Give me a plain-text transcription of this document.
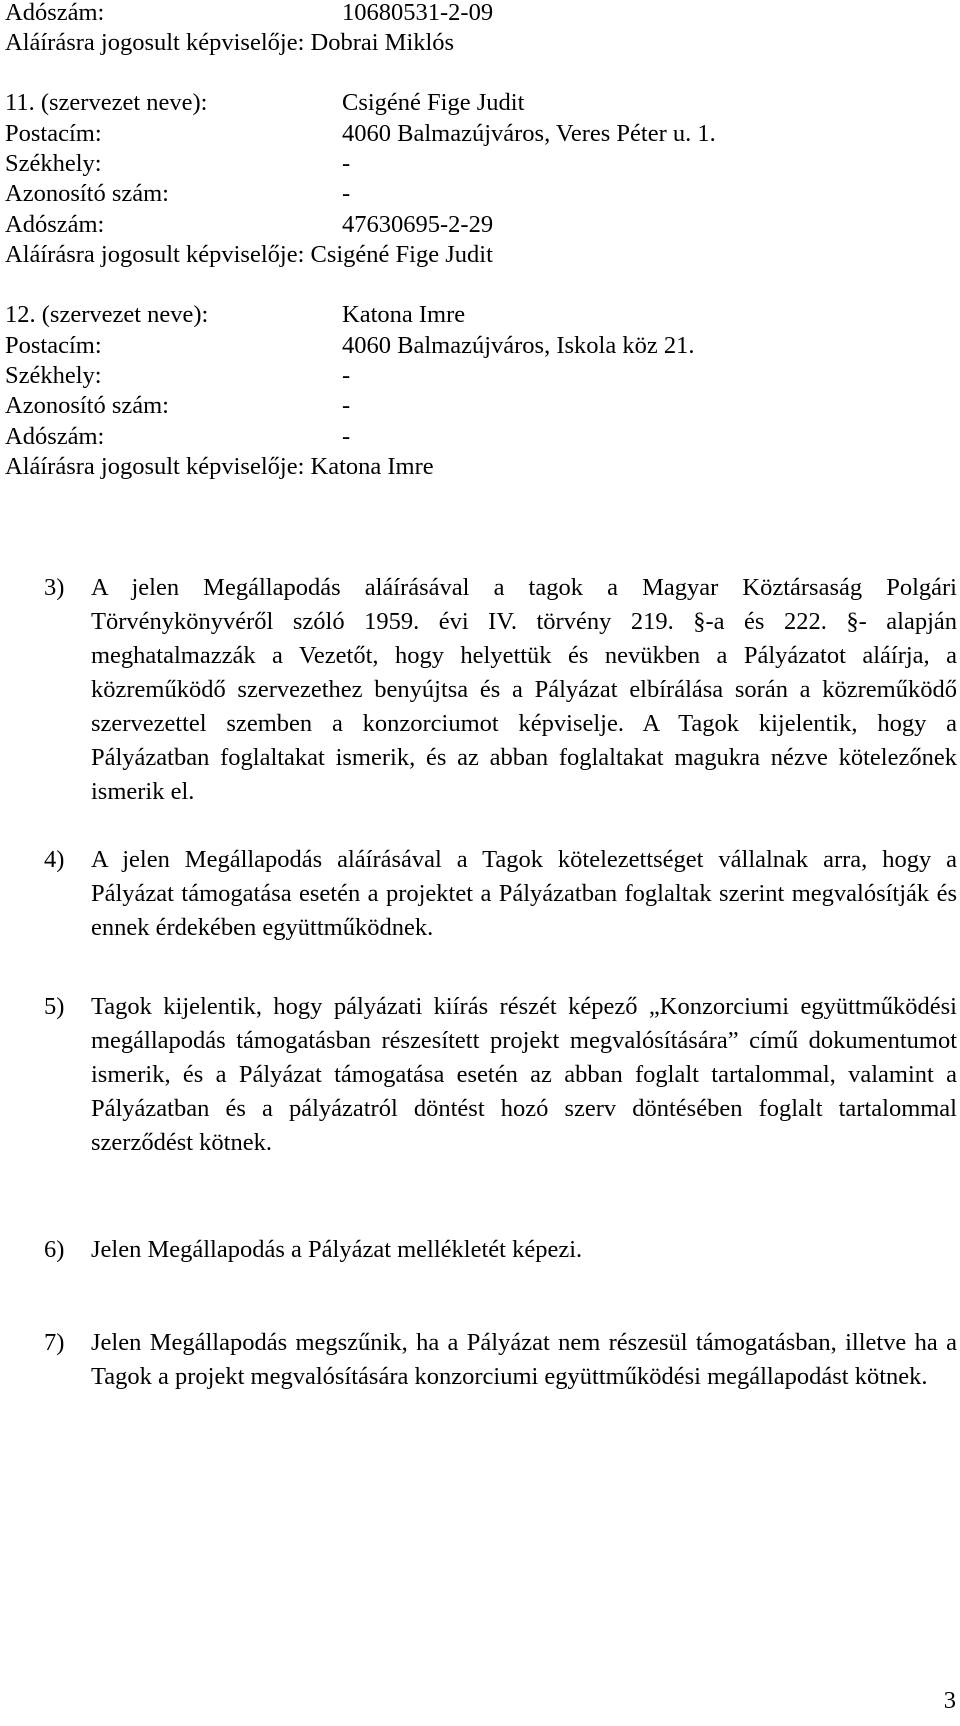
Adószám:	10680531-2-09
Aláírásra jogosult képviselője: Dobrai Miklós
11. (szervezet neve):	Csigéné Fige Judit
Postacím:	4060 Balmazújváros, Veres Péter u. 1.
Székhely:	-
Azonosító szám:	-
Adószám:	47630695-2-29
Aláírásra jogosult képviselője: Csigéné Fige Judit
12. (szervezet neve):	Katona Imre
Postacím:	4060 Balmazújváros, Iskola köz 21.
Székhely:	-
Azonosító szám:	-
Adószám:	-
Aláírásra jogosult képviselője: Katona Imre
3) A jelen Megállapodás aláírásával a tagok a Magyar Köztársaság Polgári Törvénykönyvéről szóló 1959. évi IV. törvény 219. §-a és 222. §- alapján meghatalmazzák a Vezetőt, hogy helyettük és nevükben a Pályázatot aláírja, a közreműködő szervezethez benyújtsa és a Pályázat elbírálása során a közreműködő szervezettel szemben a konzorciumot képviselje. A Tagok kijelentik, hogy a Pályázatban foglaltakat ismerik, és az abban foglaltakat magukra nézve kötelezőnek ismerik el.
4) A jelen Megállapodás aláírásával a Tagok kötelezettséget vállalnak arra, hogy a Pályázat támogatása esetén a projektet a Pályázatban foglaltak szerint megvalósítják és ennek érdekében együttműködnek.
5) Tagok kijelentik, hogy pályázati kiírás részét képező „Konzorciumi együttműködési megállapodás támogatásban részesített projekt megvalósítására” című dokumentumot ismerik, és a Pályázat támogatása esetén az abban foglalt tartalommal, valamint a Pályázatban és a pályázatról döntést hozó szerv döntésében foglalt tartalommal szerződést kötnek.
6) Jelen Megállapodás a Pályázat mellékletét képezi.
7) Jelen Megállapodás megszűnik, ha a Pályázat nem részesül támogatásban, illetve ha a Tagok a projekt megvalósítására konzorciumi együttműködési megállapodást kötnek.
3
